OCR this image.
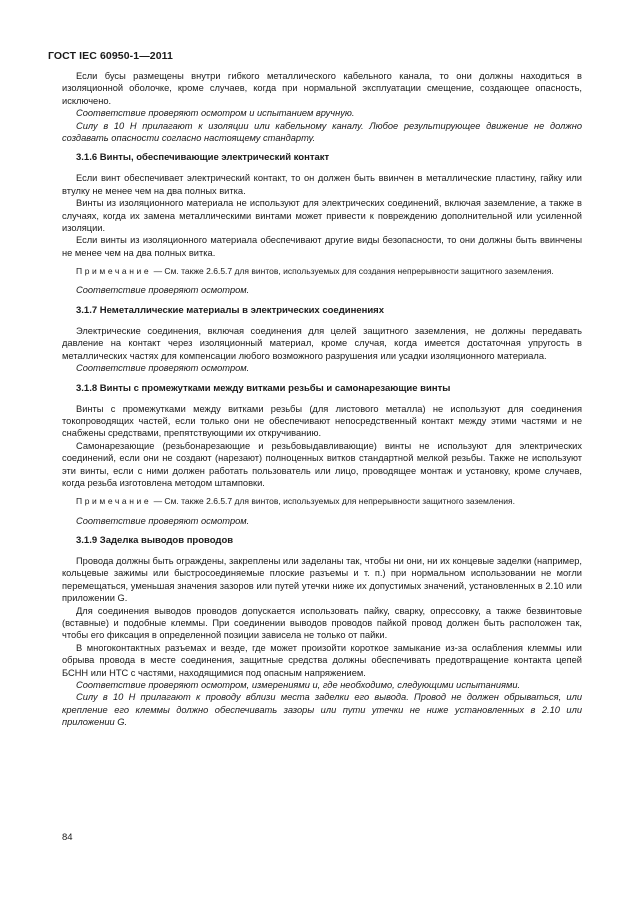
ГОСТ IEC 60950-1—2011

Если бусы размещены внутри гибкого металлического кабельного канала, то они должны находиться в изоляционной оболочке, кроме случаев, когда при нормальной эксплуатации смещение, создающее опасность, исключено.

Соответствие проверяют осмотром и испытанием вручную.

Силу в 10 Н прилагают к изоляции или кабельному каналу. Любое результирующее движение не должно создавать опасности согласно настоящему стандарту.

3.1.6 Винты, обеспечивающие электрический контакт

Если винт обеспечивает электрический контакт, то он должен быть ввинчен в металлические пластину, гайку или втулку не менее чем на два полных витка.

Винты из изоляционного материала не используют для электрических соединений, включая заземление, а также в случаях, когда их замена металлическими винтами может привести к повреждению дополнительной или усиленной изоляции.

Если винты из изоляционного материала обеспечивают другие виды безопасности, то они должны быть ввинчены не менее чем на два полных витка.

Примечание — См. также 2.6.5.7 для винтов, используемых для создания непрерывности защитного заземления.

Соответствие проверяют осмотром.

3.1.7 Неметаллические материалы в электрических соединениях

Электрические соединения, включая соединения для целей защитного заземления, не должны передавать давление на контакт через изоляционный материал, кроме случая, когда имеется достаточная упругость в металлических частях для компенсации любого возможного разрушения или усадки изоляционного материала.

Соответствие проверяют осмотром.

3.1.8 Винты с промежутками между витками резьбы и самонарезающие винты

Винты с промежутками между витками резьбы (для листового металла) не используют для соединения токопроводящих частей, если только они не обеспечивают непосредственный контакт между этими частями и не снабжены средствами, препятствующими их откручиванию.

Самонарезающие (резьбонарезающие и резьбовыдавливающие) винты не используют для электрических соединений, если они не создают (нарезают) полноценных витков стандартной мелкой резьбы. Также не используют эти винты, если с ними должен работать пользователь или лицо, проводящее монтаж и установку, кроме случаев, когда резьба изготовлена методом штамповки.

Примечание — См. также 2.6.5.7 для винтов, используемых для непрерывности защитного заземления.

Соответствие проверяют осмотром.

3.1.9 Заделка выводов проводов

Провода должны быть ограждены, закреплены или заделаны так, чтобы ни они, ни их концевые заделки (например, кольцевые зажимы или быстросоединяемые плоские разъемы и т. п.) при нормальном использовании не могли перемещаться, уменьшая значения зазоров или путей утечки ниже их допустимых значений, установленных в 2.10 или приложении G.

Для соединения выводов проводов допускается использовать пайку, сварку, опрессовку, а также безвинтовые (вставные) и подобные клеммы. При соединении выводов проводов пайкой провод должен быть расположен так, чтобы его фиксация в определенной позиции зависела не только от пайки.

В многоконтактных разъемах и везде, где может произойти короткое замыкание из-за ослабления клеммы или обрыва провода в месте соединения, защитные средства должны обеспечивать предотвращение контакта цепей БСНН или НТС с частями, находящимися под опасным напряжением.

Соответствие проверяют осмотром, измерениями и, где необходимо, следующими испытаниями.

Силу в 10 Н прилагают к проводу вблизи места заделки его вывода. Провод не должен обрываться, или крепление его клеммы должно обеспечивать зазоры или пути утечки не ниже установленных в 2.10 или приложении G.

84
